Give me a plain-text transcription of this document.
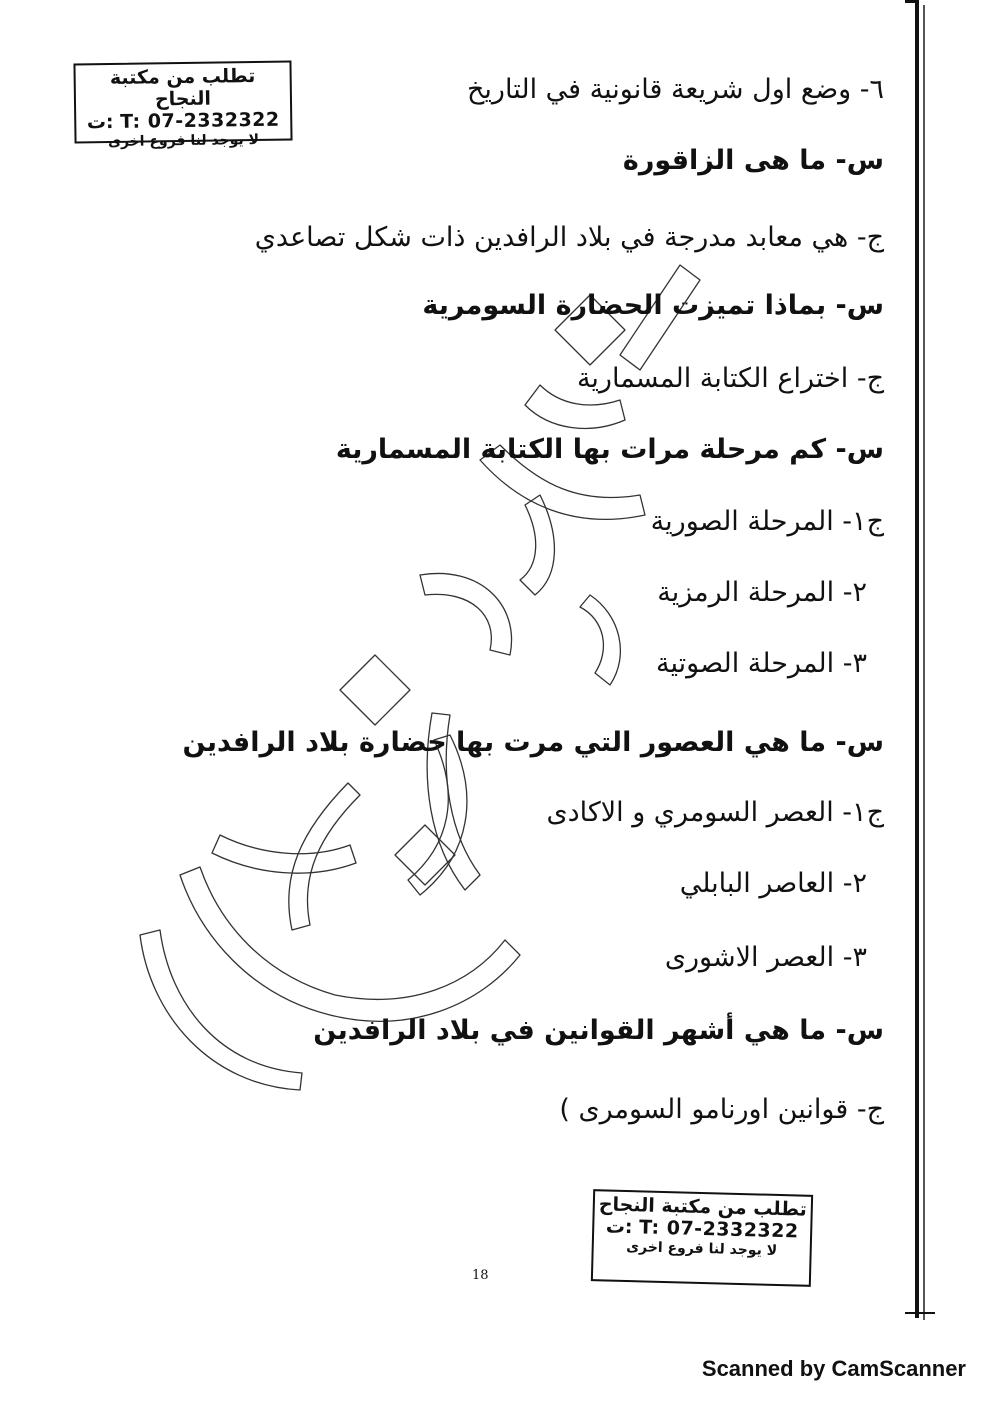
تطلب من مكتبة النجاح
ت: T: 07-2332322
لا يوجد لنا فروع اخرى
٦- وضع اول شريعة قانونية في التاريخ
س- ما هى الزاقورة
ج- هي معابد مدرجة في بلاد الرافدين ذات شكل تصاعدي
س- بماذا تميزت الحضارة السومرية
ج- اختراع الكتابة المسمارية
س- كم مرحلة مرات بها الكتابة المسمارية
ج١- المرحلة الصورية
٢- المرحلة الرمزية
٣- المرحلة الصوتية
س- ما هي العصور التي مرت بها حضارة بلاد الرافدين
ج١- العصر السومري و الاكادى
٢- العاصر البابلي
٣- العصر الاشورى
س- ما هي أشهر القوانين في بلاد الرافدين
ج- قوانين اورنامو السومرى )
تطلب من مكتبة النجاح
ت: T: 07-2332322
لا يوجد لنا فروع اخرى
18
Scanned by CamScanner
